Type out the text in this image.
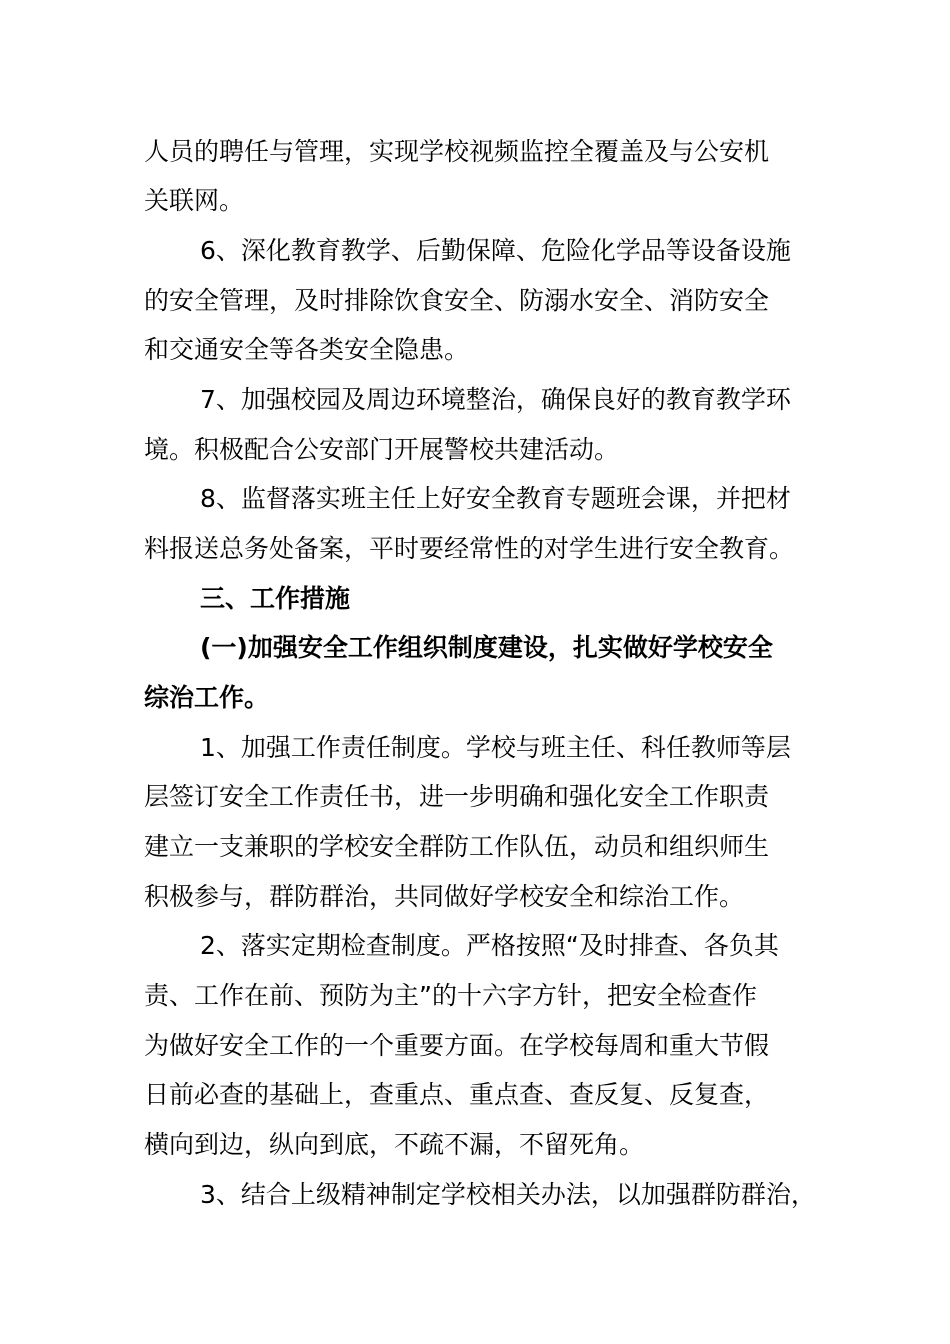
人员的聘任与管理，实现学校视频监控全覆盖及与公安机
关联网。
6、深化教育教学、后勤保障、危险化学品等设备设施
的安全管理，及时排除饮食安全、防溺水安全、消防安全
和交通安全等各类安全隐患。
7、加强校园及周边环境整治，确保良好的教育教学环
境。积极配合公安部门开展警校共建活动。
8、监督落实班主任上好安全教育专题班会课，并把材
料报送总务处备案，平时要经常性的对学生进行安全教育。
三、工作措施
(一)加强安全工作组织制度建设，扎实做好学校安全
综治工作。
1、加强工作责任制度。学校与班主任、科任教师等层
层签订安全工作责任书，进一步明确和强化安全工作职责
建立一支兼职的学校安全群防工作队伍，动员和组织师生
积极参与，群防群治，共同做好学校安全和综治工作。
2、落实定期检查制度。严格按照“及时排查、各负其
责、工作在前、预防为主”的十六字方针，把安全检查作
为做好安全工作的一个重要方面。在学校每周和重大节假
日前必查的基础上，查重点、重点查、查反复、反复查，
横向到边，纵向到底，不疏不漏，不留死角。
3、结合上级精神制定学校相关办法，以加强群防群治，
